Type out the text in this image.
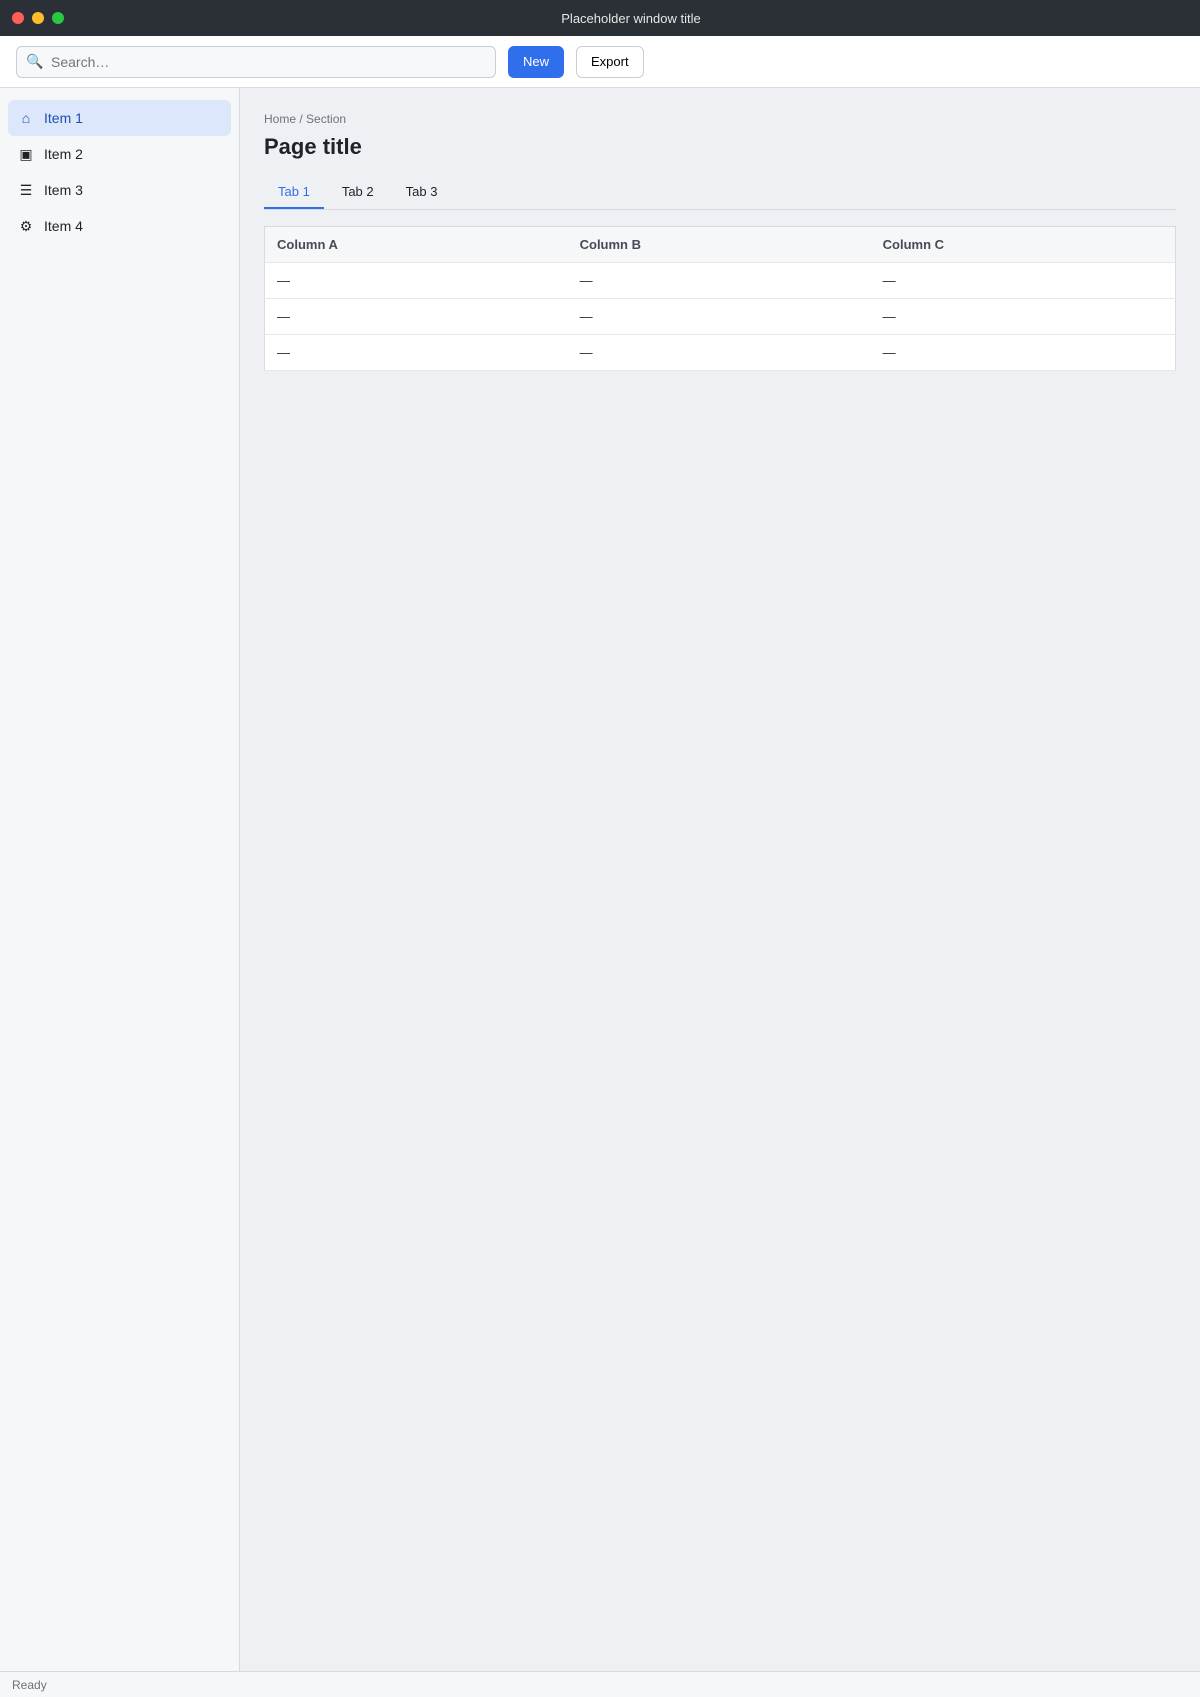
Placeholder window title
🔍
Search…	New	Export
⌂ Item 1
▣ Item 2
☰ Item 3
⚙ Item 4
Home / Section
Page title
Tab 1	Tab 2	Tab 3
Column A	Column B	Column C
—	—	—
—	—	—
—	—	—
Ready
